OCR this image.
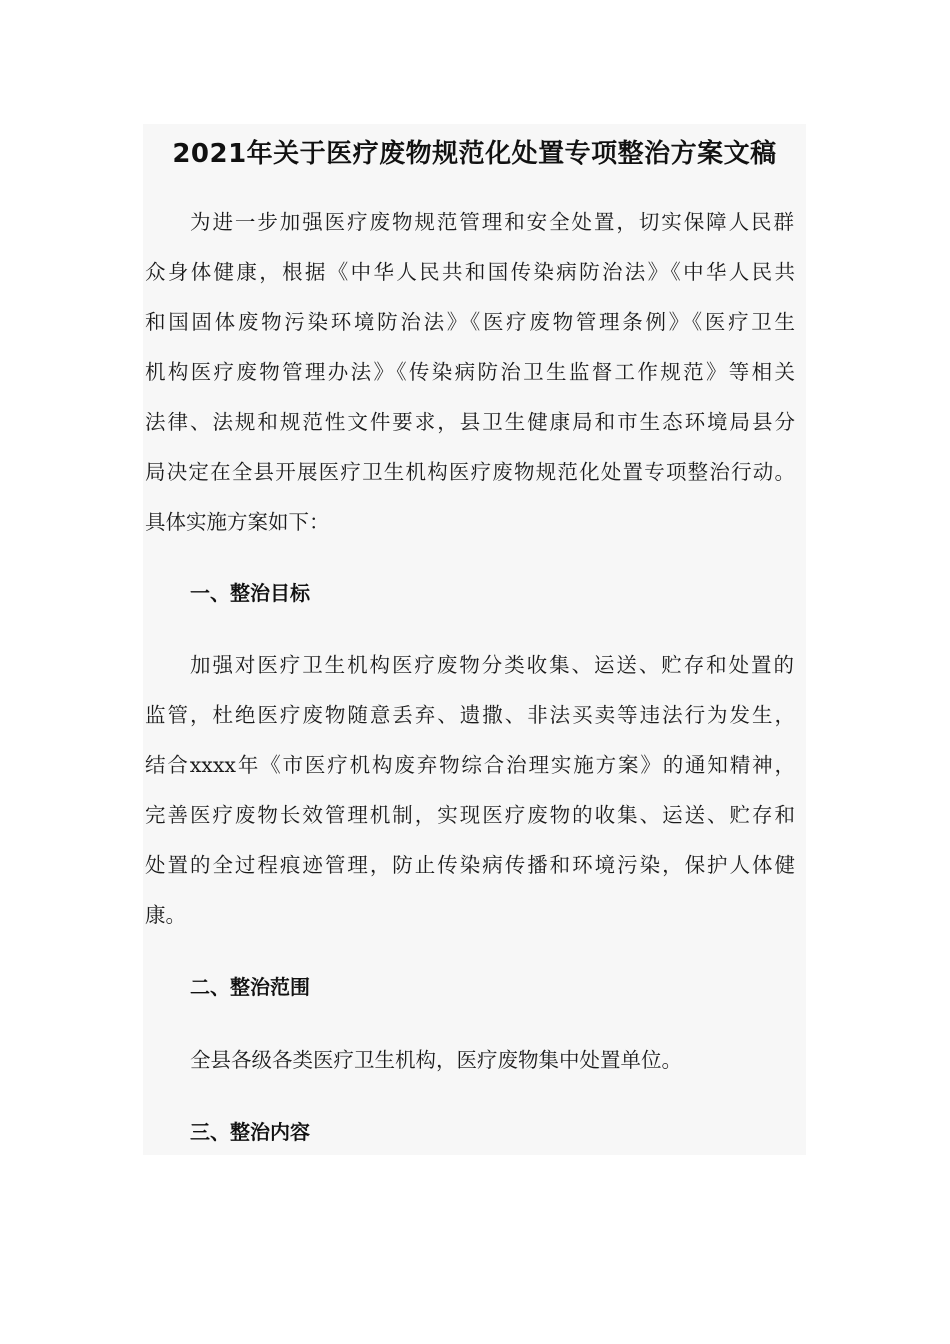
2021年关于医疗废物规范化处置专项整治方案文稿
为进一步加强医疗废物规范管理和安全处置，切实保障人民群
众身体健康，根据《中华人民共和国传染病防治法》《中华人民共
和国固体废物污染环境防治法》《医疗废物管理条例》《医疗卫生
机构医疗废物管理办法》《传染病防治卫生监督工作规范》等相关
法律、法规和规范性文件要求，县卫生健康局和市生态环境局县分
局决定在全县开展医疗卫生机构医疗废物规范化处置专项整治行动。
具体实施方案如下：
一、整治目标
加强对医疗卫生机构医疗废物分类收集、运送、贮存和处置的
监管，杜绝医疗废物随意丢弃、遗撒、非法买卖等违法行为发生，
结合xxxx年《市医疗机构废弃物综合治理实施方案》的通知精神，
完善医疗废物长效管理机制，实现医疗废物的收集、运送、贮存和
处置的全过程痕迹管理，防止传染病传播和环境污染，保护人体健
康。
二、整治范围
全县各级各类医疗卫生机构，医疗废物集中处置单位。
三、整治内容
